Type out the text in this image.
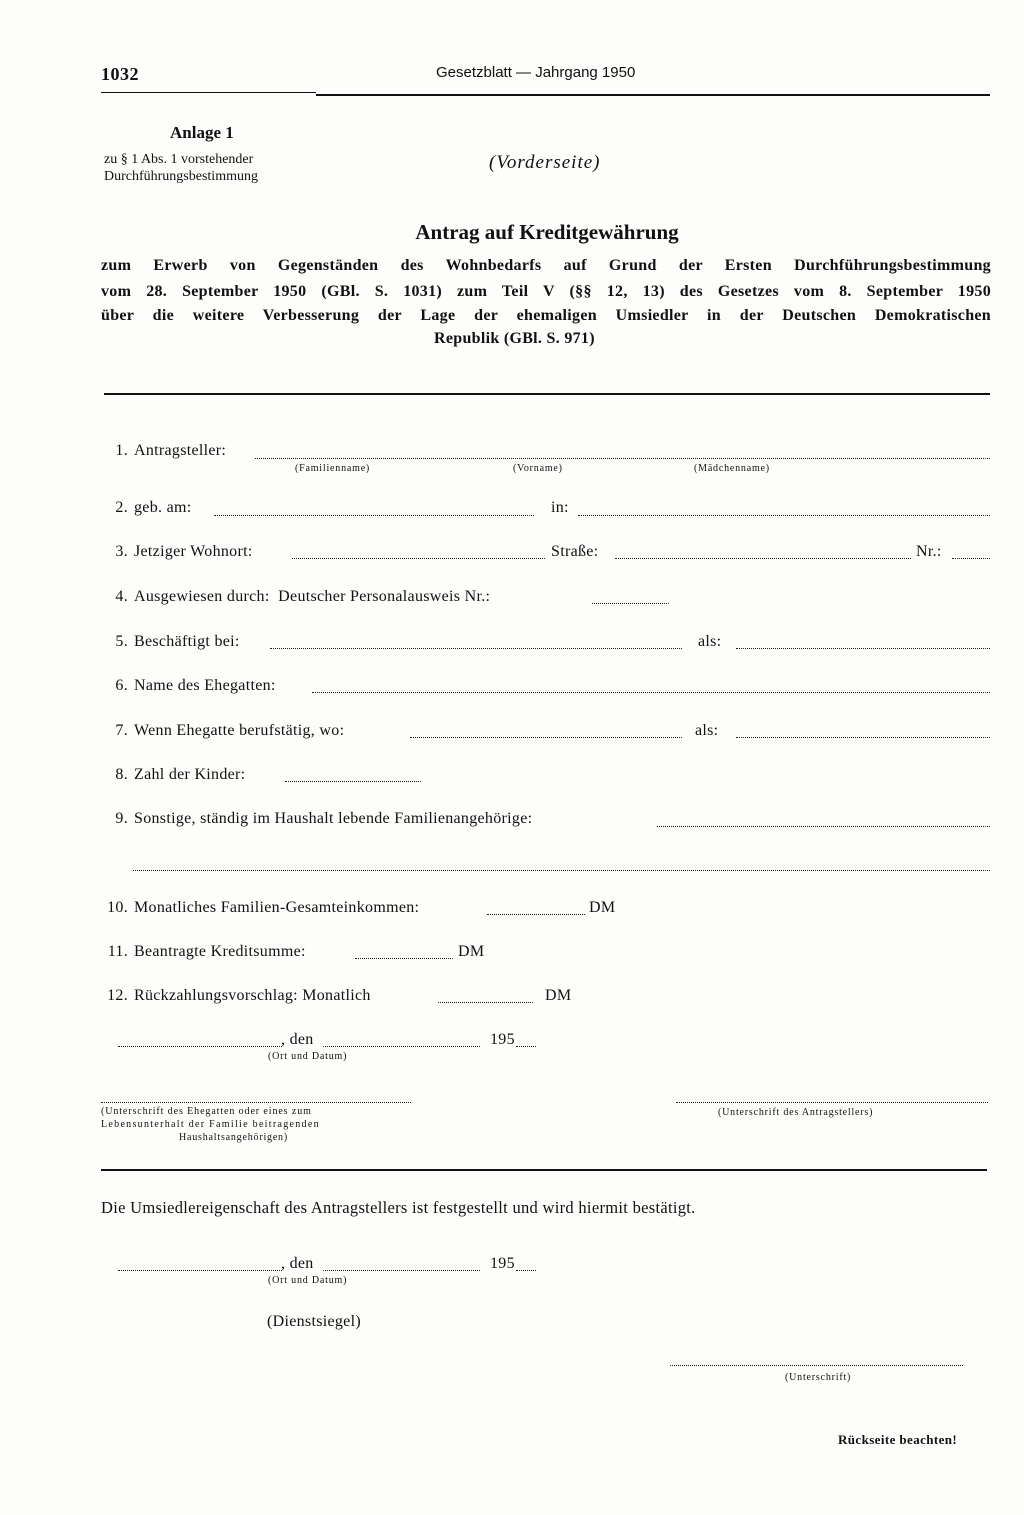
1032	Gesetzblatt — Jahrgang 1950
Anlage 1
zu § 1 Abs. 1 vorstehender
Durchführungsbestimmung
(Vorderseite)
Antrag auf Kreditgewährung
zum Erwerb von Gegenständen des Wohnbedarfs auf Grund der Ersten Durchführungsbestimmung
vom 28. September 1950 (GBl. S. 1031) zum Teil V (§§ 12, 13) des Gesetzes vom 8. September 1950
über die weitere Verbesserung der Lage der ehemaligen Umsiedler in der Deutschen Demokratischen
Republik (GBl. S. 971)
1. Antragsteller:
(Familienname)	(Vorname)	(Mädchenname)
2. geb. am:	in:
3. Jetziger Wohnort:	Straße:	Nr.:
4. Ausgewiesen durch:  Deutscher Personalausweis Nr.:
5. Beschäftigt bei:	als:
6. Name des Ehegatten:
7. Wenn Ehegatte berufstätig, wo:	als:
8. Zahl der Kinder:
9. Sonstige, ständig im Haushalt lebende Familienangehörige:
10. Monatliches Familien-Gesamteinkommen:	DM
11. Beantragte Kreditsumme:	DM
12. Rückzahlungsvorschlag: Monatlich	DM
, den	195
(Ort und Datum)
(Unterschrift des Ehegatten oder eines zum
Lebensunterhalt der Familie beitragenden
Haushaltsangehörigen)
(Unterschrift des Antragstellers)
Die Umsiedlereigenschaft des Antragstellers ist festgestellt und wird hiermit bestätigt.
, den	195
(Ort und Datum)
(Dienstsiegel)
(Unterschrift)
Rückseite beachten!
